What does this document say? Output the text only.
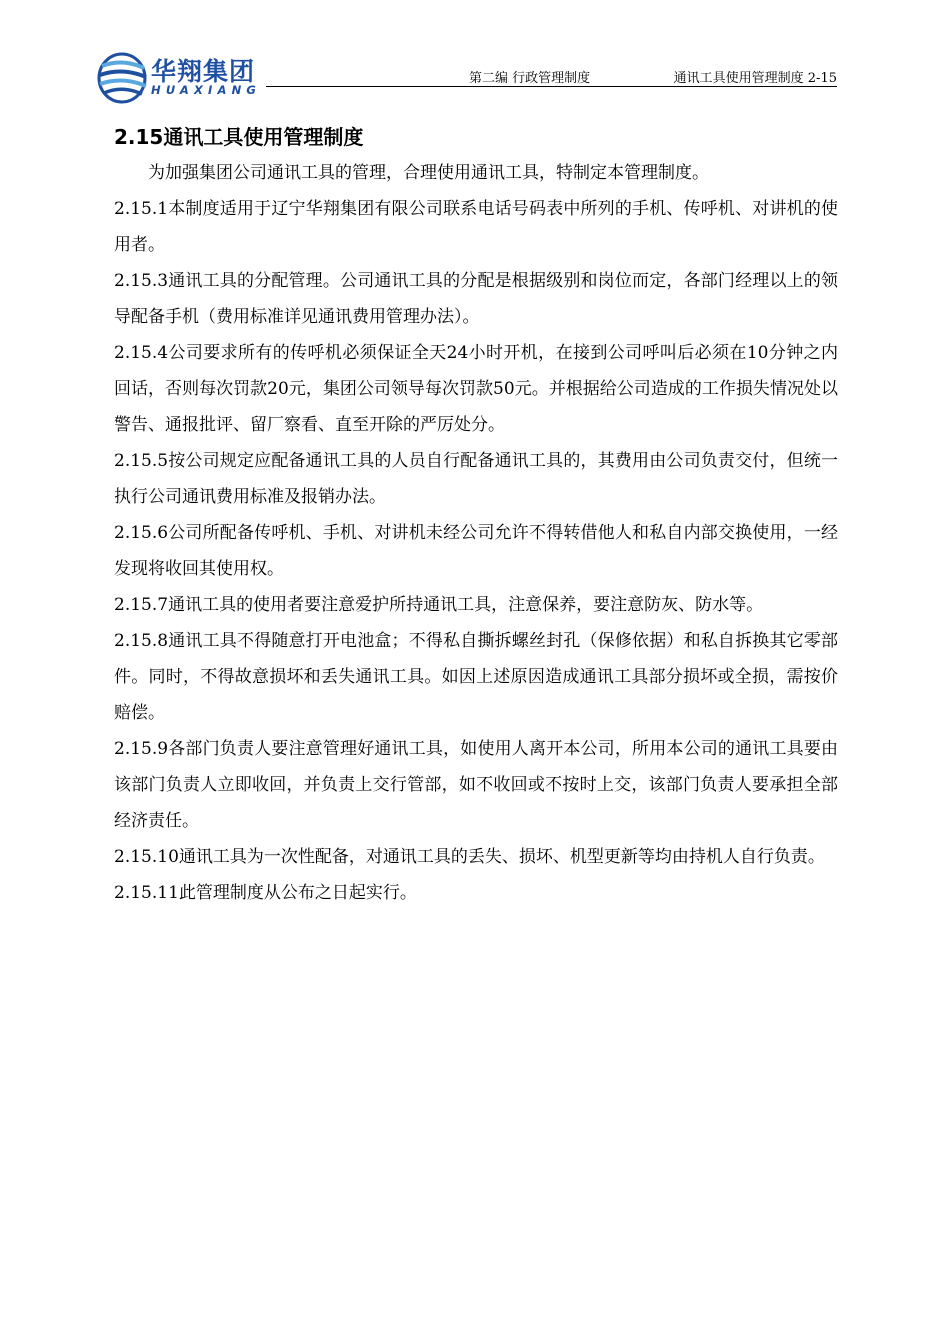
华翔集团
HUAXIANG
第二编 行政管理制度	通讯工具使用管理制度 2-15
2.15通讯工具使用管理制度

为加强集团公司通讯工具的管理，合理使用通讯工具，特制定本管理制度。

2.15.1本制度适用于辽宁华翔集团有限公司联系电话号码表中所列的手机、传呼机、对讲机的使用者。

2.15.3通讯工具的分配管理。公司通讯工具的分配是根据级别和岗位而定，各部门经理以上的领导配备手机（费用标准详见通讯费用管理办法）。

2.15.4公司要求所有的传呼机必须保证全天24小时开机，在接到公司呼叫后必须在10分钟之内回话，否则每次罚款20元，集团公司领导每次罚款50元。并根据给公司造成的工作损失情况处以警告、通报批评、留厂察看、直至开除的严厉处分。

2.15.5按公司规定应配备通讯工具的人员自行配备通讯工具的，其费用由公司负责交付，但统一执行公司通讯费用标准及报销办法。

2.15.6公司所配备传呼机、手机、对讲机未经公司允许不得转借他人和私自内部交换使用，一经发现将收回其使用权。

2.15.7通讯工具的使用者要注意爱护所持通讯工具，注意保养，要注意防灰、防水等。

2.15.8通讯工具不得随意打开电池盒；不得私自撕拆螺丝封孔（保修依据）和私自拆换其它零部件。同时，不得故意损坏和丢失通讯工具。如因上述原因造成通讯工具部分损坏或全损，需按价赔偿。

2.15.9各部门负责人要注意管理好通讯工具，如使用人离开本公司，所用本公司的通讯工具要由该部门负责人立即收回，并负责上交行管部，如不收回或不按时上交，该部门负责人要承担全部经济责任。

2.15.10通讯工具为一次性配备，对通讯工具的丢失、损坏、机型更新等均由持机人自行负责。

2.15.11此管理制度从公布之日起实行。
